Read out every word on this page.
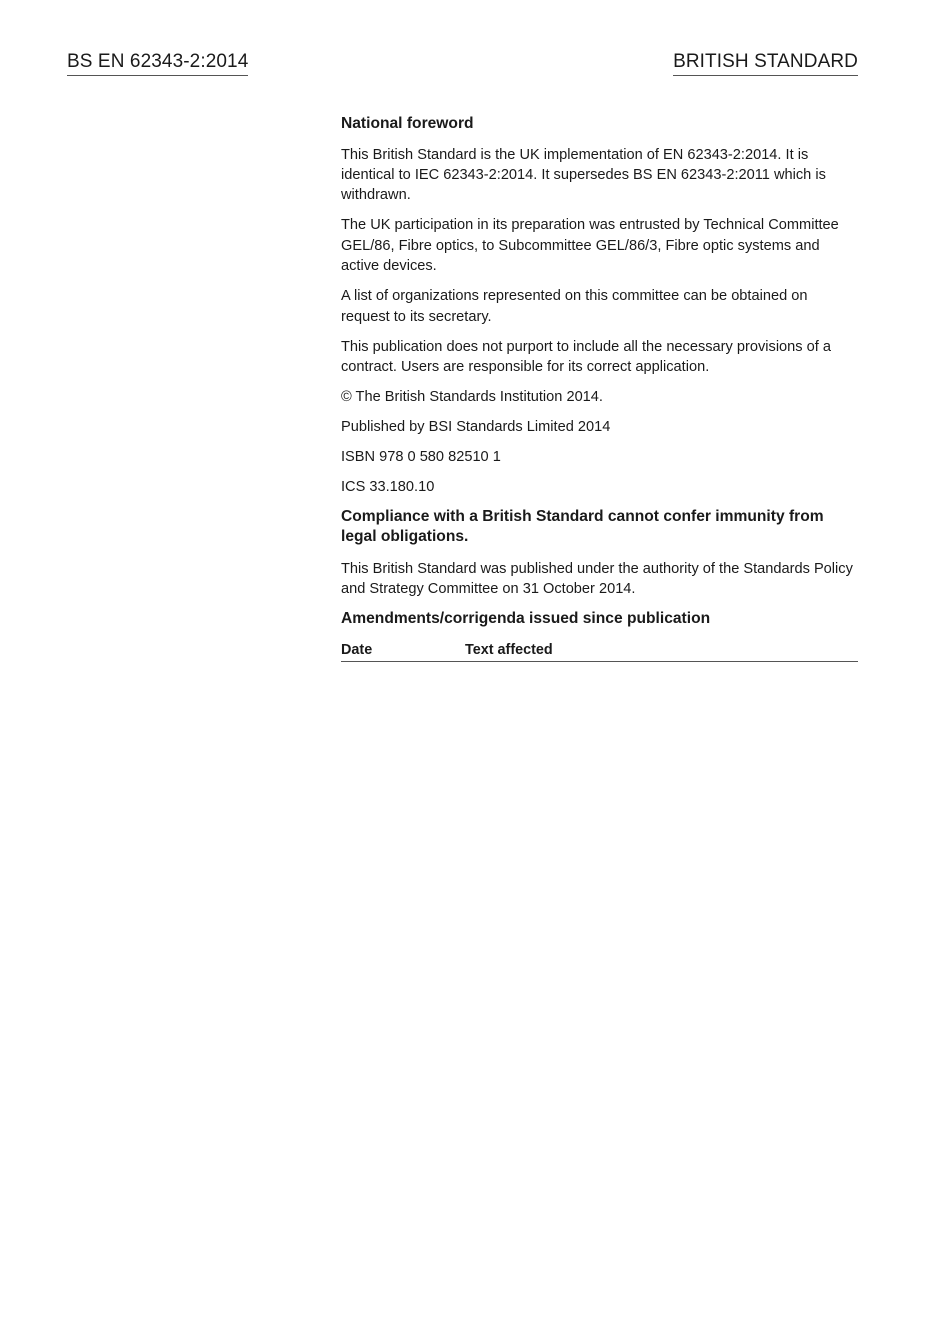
BS EN 62343-2:2014	BRITISH STANDARD
National foreword

This British Standard is the UK implementation of EN 62343-2:2014. It is identical to IEC 62343-2:2014. It supersedes BS EN 62343-2:2011 which is withdrawn.

The UK participation in its preparation was entrusted by Technical Committee GEL/86, Fibre optics, to Subcommittee GEL/86/3, Fibre optic systems and active devices.

A list of organizations represented on this committee can be obtained on request to its secretary.

This publication does not purport to include all the necessary provisions of a contract. Users are responsible for its correct application.

© The British Standards Institution 2014.

Published by BSI Standards Limited 2014

ISBN 978 0 580 82510 1

ICS 33.180.10

Compliance with a British Standard cannot confer immunity from legal obligations.

This British Standard was published under the authority of the Standards Policy and Strategy Committee on 31 October 2014.

Amendments/corrigenda issued since publication
Date	Text affected
